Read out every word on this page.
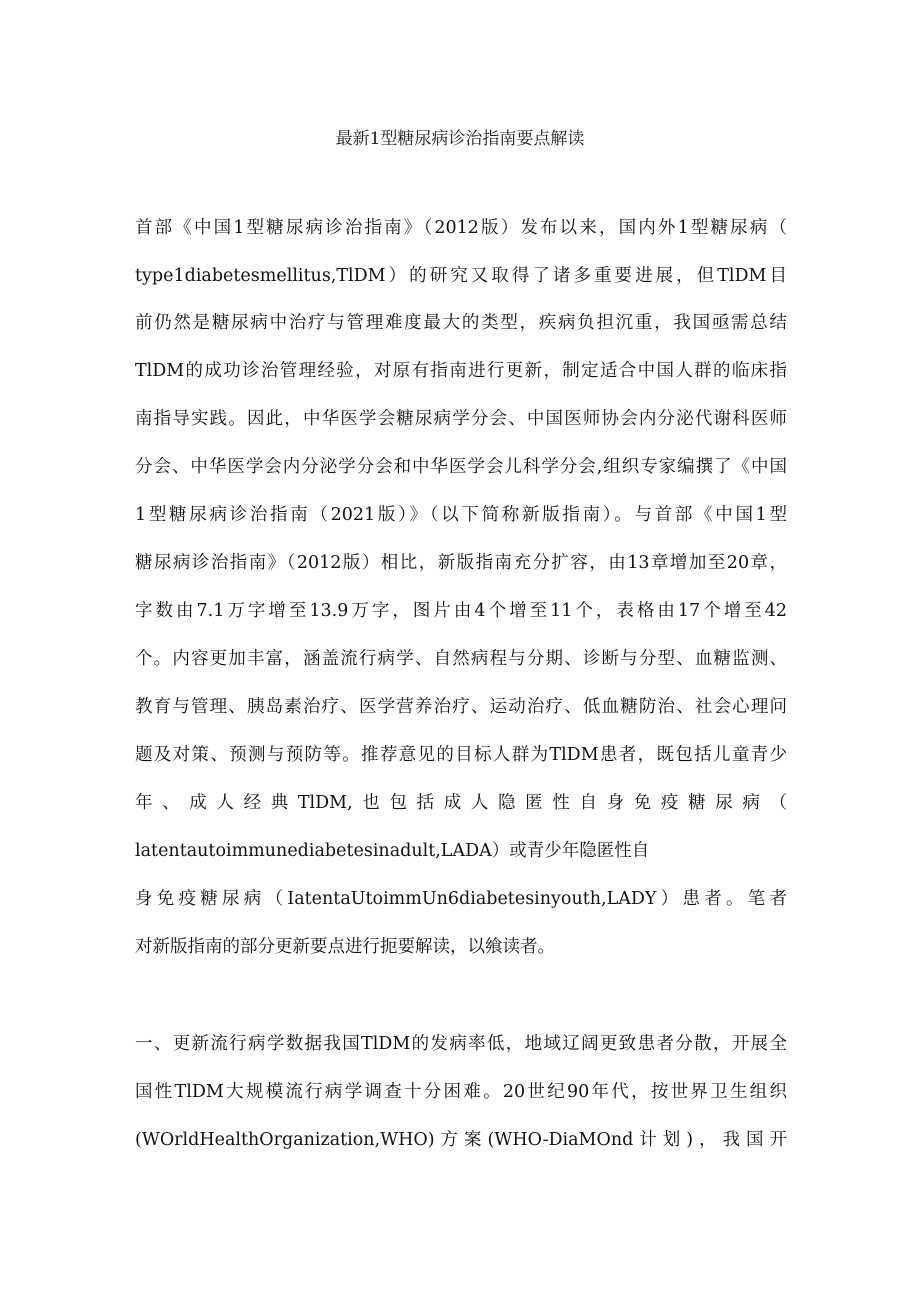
最新1型糖尿病诊治指南要点解读
首部《中国1型糖尿病诊治指南》（2012版）发布以来，国内外1型糖尿病（
type1diabetesmellitus,TlDM）的研究又取得了诸多重要进展，但TlDM目
前仍然是糖尿病中治疗与管理难度最大的类型，疾病负担沉重，我国亟需总结
TlDM的成功诊治管理经验，对原有指南进行更新，制定适合中国人群的临床指
南指导实践。因此，中华医学会糖尿病学分会、中国医师协会内分泌代谢科医师
分会、中华医学会内分泌学分会和中华医学会儿科学分会,组织专家编撰了《中国
1型糖尿病诊治指南（2021版）》（以下简称新版指南）。与首部《中国1型
糖尿病诊治指南》（2012版）相比，新版指南充分扩容，由13章增加至20章，
字数由7.1万字增至13.9万字，图片由4个增至11个，表格由17个增至42
个。内容更加丰富，涵盖流行病学、自然病程与分期、诊断与分型、血糖监测、
教育与管理、胰岛素治疗、医学营养治疗、运动治疗、低血糖防治、社会心理问
题及对策、预测与预防等。推荐意见的目标人群为TlDM患者，既包括儿童青少
年、成人经典TlDM,也包括成人隐匿性自身免疫糖尿病（
latentautoimmunediabetesinadult,LADA）或青少年隐匿性自
身免疫糖尿病（IatentaUtoimmUn6diabetesinyouth,LADY）患者。笔者
对新版指南的部分更新要点进行扼要解读，以飨读者。
一、更新流行病学数据我国TlDM的发病率低，地域辽阔更致患者分散，开展全
国性TlDM大规模流行病学调查十分困难。20世纪90年代，按世界卫生组织
(WOrldHealthOrganization,WHO)方案(WHO-DiaMOnd计划)，我国开
